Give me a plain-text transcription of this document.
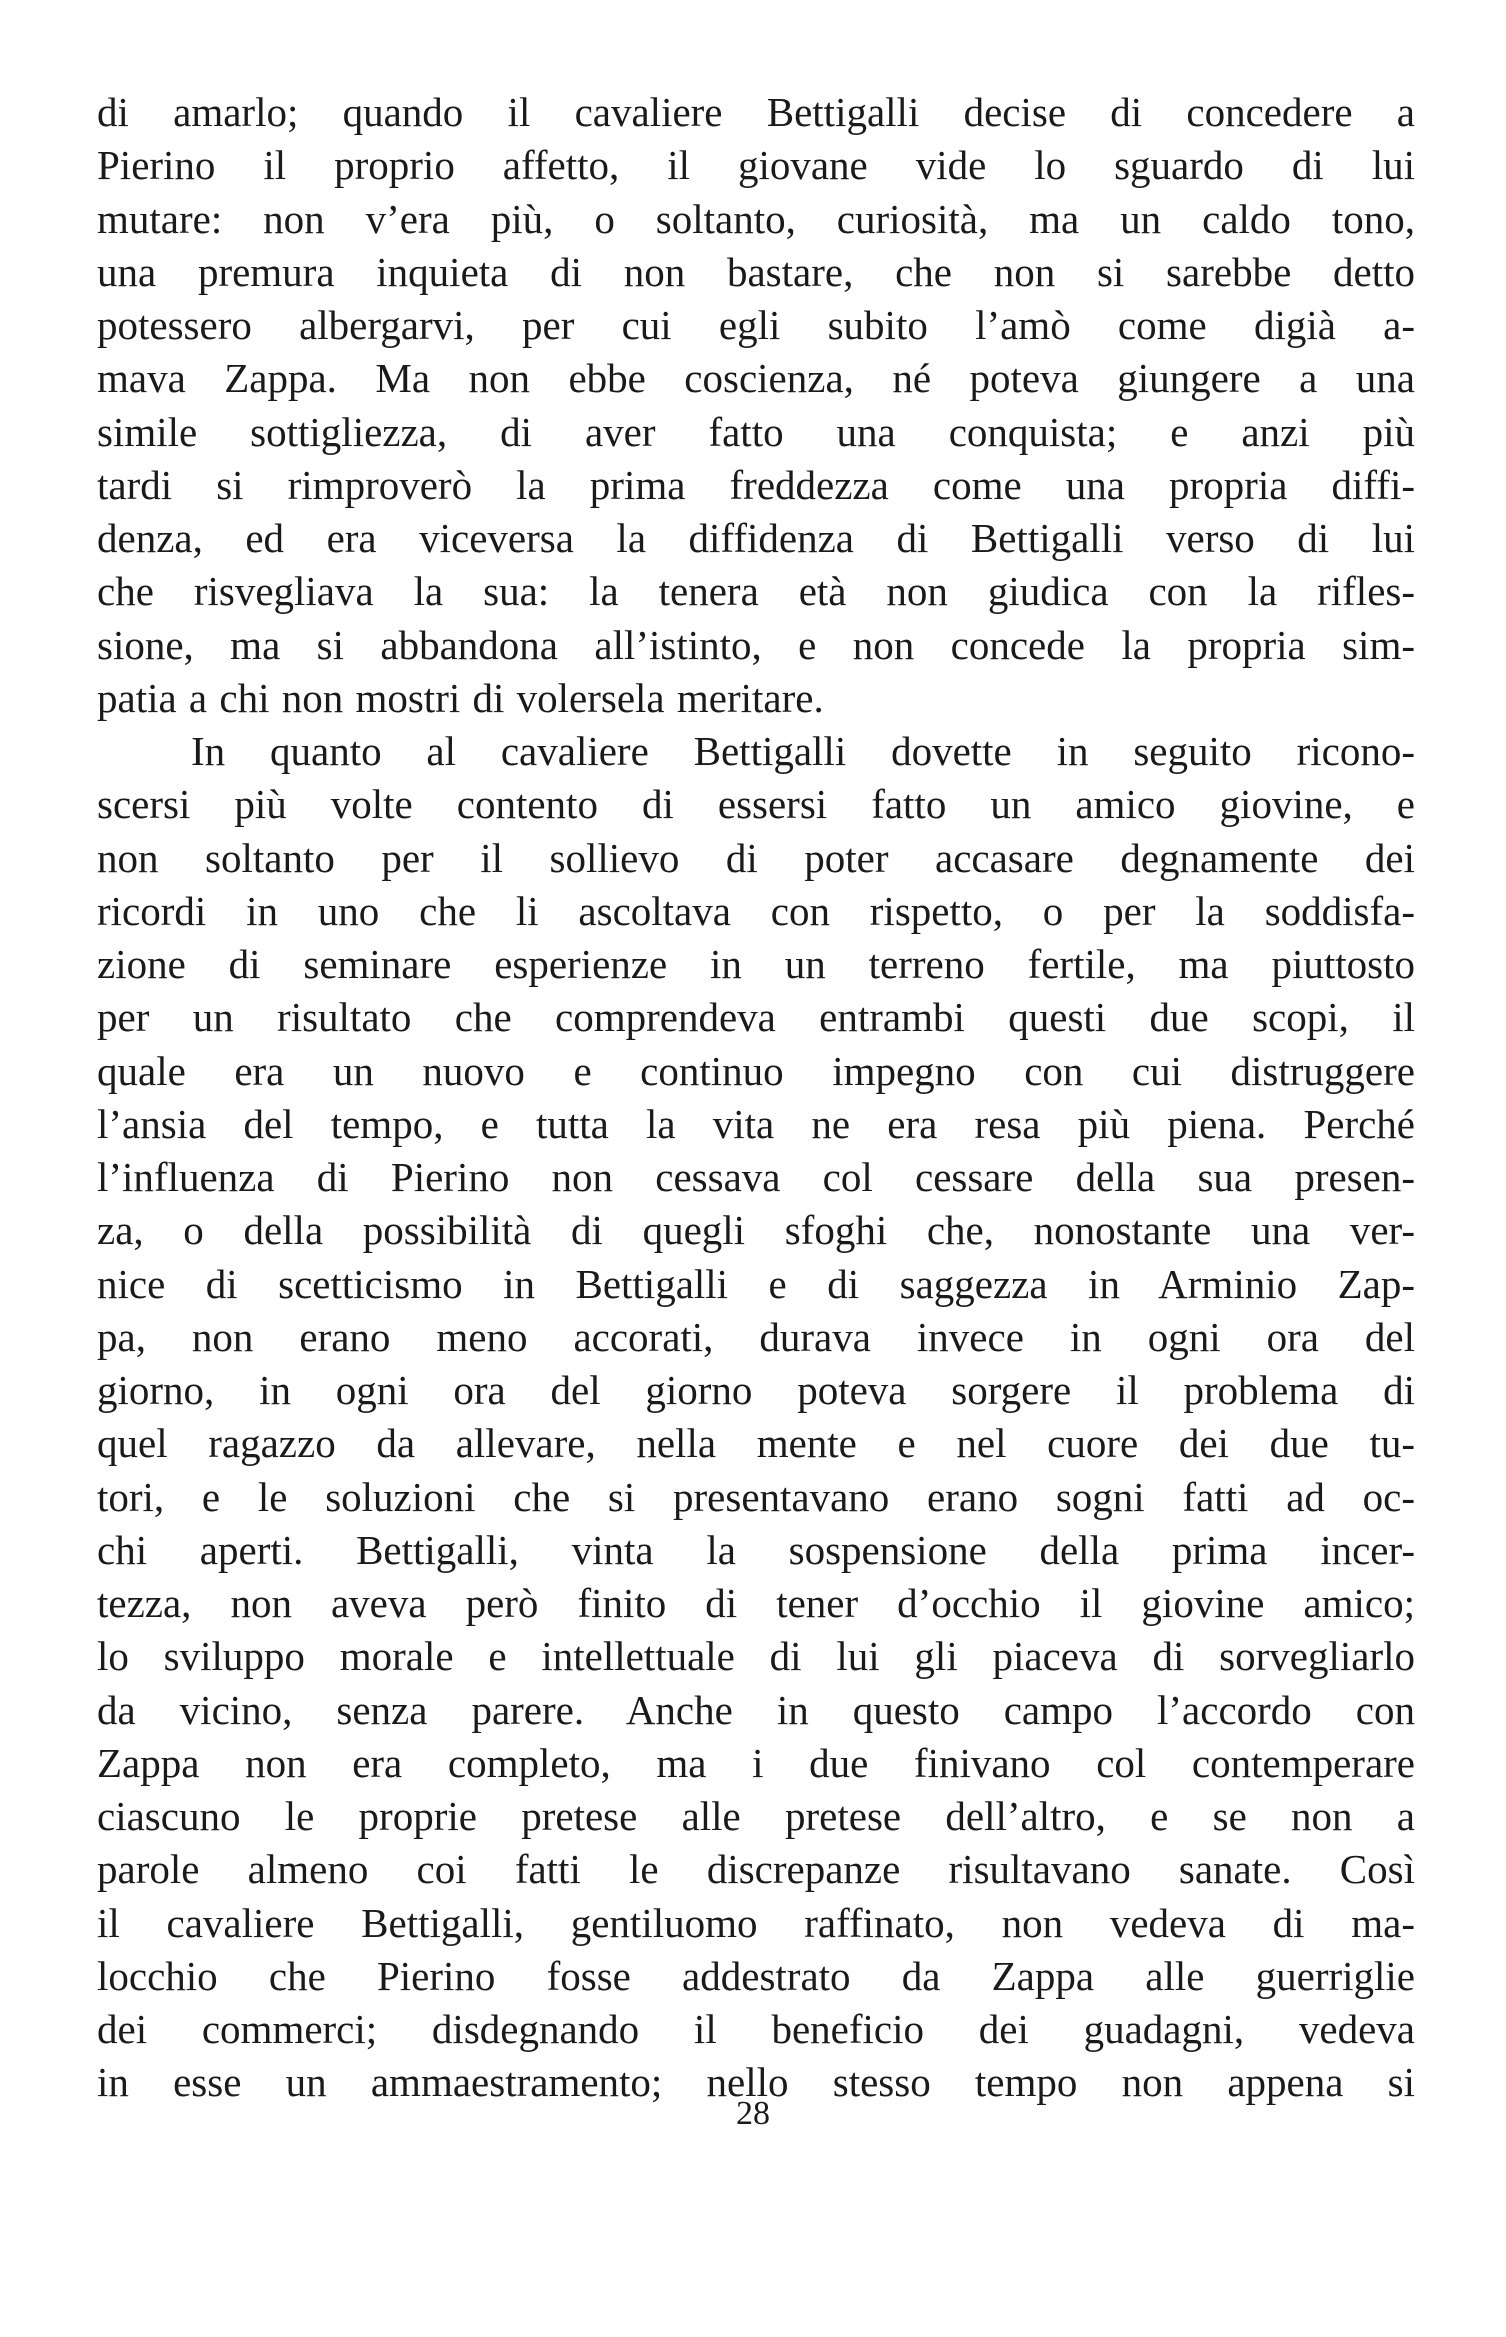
di amarlo; quando il cavaliere Bettigalli decise di concedere a
Pierino il proprio affetto, il giovane vide lo sguardo di lui
mutare: non v’era più, o soltanto, curiosità, ma un caldo tono,
una premura inquieta di non bastare, che non si sarebbe detto
potessero albergarvi, per cui egli subito l’amò come digià a-
mava Zappa. Ma non ebbe coscienza, né poteva giungere a una
simile sottigliezza, di aver fatto una conquista; e anzi più
tardi si rimproverò la prima freddezza come una propria diffi-
denza, ed era viceversa la diffidenza di Bettigalli verso di lui
che risvegliava la sua: la tenera età non giudica con la rifles-
sione, ma si abbandona all’istinto, e non concede la propria sim-
patia a chi non mostri di volersela meritare.
In quanto al cavaliere Bettigalli dovette in seguito ricono-
scersi più volte contento di essersi fatto un amico giovine, e
non soltanto per il sollievo di poter accasare degnamente dei
ricordi in uno che li ascoltava con rispetto, o per la soddisfa-
zione di seminare esperienze in un terreno fertile, ma piuttosto
per un risultato che comprendeva entrambi questi due scopi, il
quale era un nuovo e continuo impegno con cui distruggere
l’ansia del tempo, e tutta la vita ne era resa più piena. Perché
l’influenza di Pierino non cessava col cessare della sua presen-
za, o della possibilità di quegli sfoghi che, nonostante una ver-
nice di scetticismo in Bettigalli e di saggezza in Arminio Zap-
pa, non erano meno accorati, durava invece in ogni ora del
giorno, in ogni ora del giorno poteva sorgere il problema di
quel ragazzo da allevare, nella mente e nel cuore dei due tu-
tori, e le soluzioni che si presentavano erano sogni fatti ad oc-
chi aperti. Bettigalli, vinta la sospensione della prima incer-
tezza, non aveva però finito di tener d’occhio il giovine amico;
lo sviluppo morale e intellettuale di lui gli piaceva di sorvegliarlo
da vicino, senza parere. Anche in questo campo l’accordo con
Zappa non era completo, ma i due finivano col contemperare
ciascuno le proprie pretese alle pretese dell’altro, e se non a
parole almeno coi fatti le discrepanze risultavano sanate. Così
il cavaliere Bettigalli, gentiluomo raffinato, non vedeva di ma-
locchio che Pierino fosse addestrato da Zappa alle guerriglie
dei commerci; disdegnando il beneficio dei guadagni, vedeva
in esse un ammaestramento; nello stesso tempo non appena si
28
